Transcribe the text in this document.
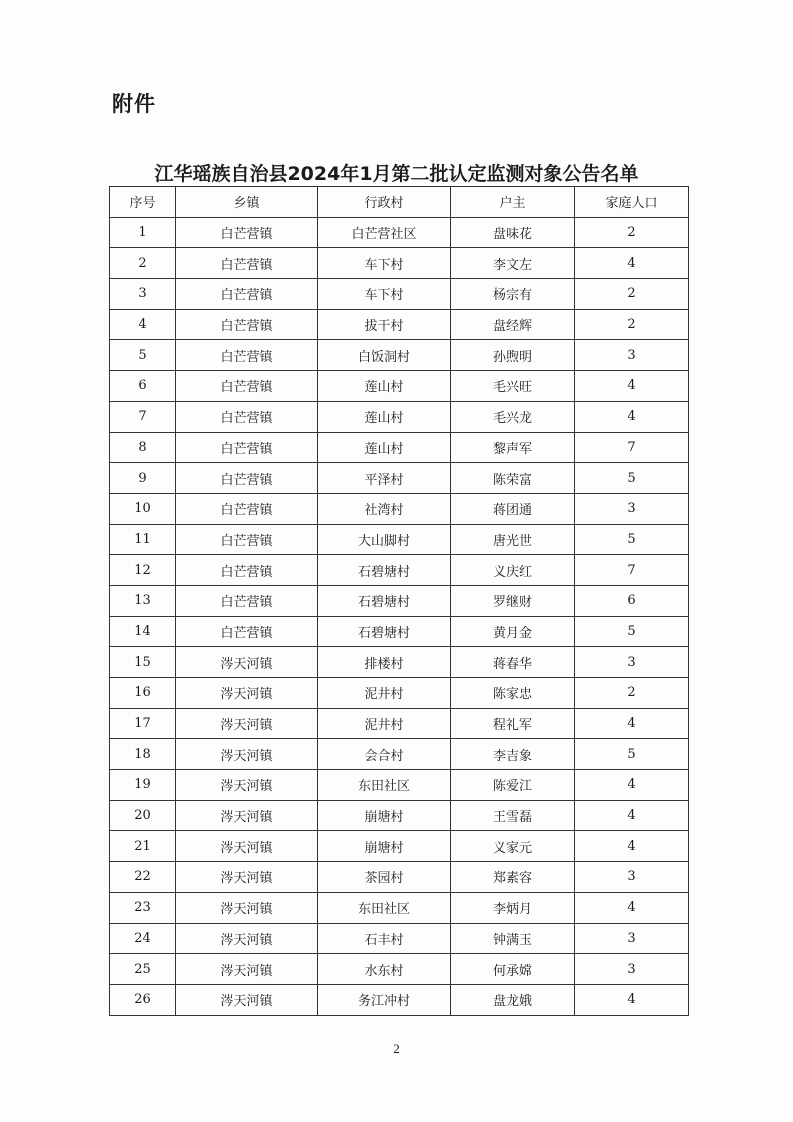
附件
江华瑶族自治县2024年1月第二批认定监测对象公告名单
序号	乡镇	行政村	户主	家庭人口
1	白芒营镇	白芒营社区	盘味花	2
2	白芒营镇	车下村	李文左	4
3	白芒营镇	车下村	杨宗有	2
4	白芒营镇	拔干村	盘经辉	2
5	白芒营镇	白饭洞村	孙煦明	3
6	白芒营镇	莲山村	毛兴旺	4
7	白芒营镇	莲山村	毛兴龙	4
8	白芒营镇	莲山村	黎声军	7
9	白芒营镇	平泽村	陈荣富	5
10	白芒营镇	社湾村	蒋团通	3
11	白芒营镇	大山脚村	唐光世	5
12	白芒营镇	石碧塘村	义庆红	7
13	白芒营镇	石碧塘村	罗继财	6
14	白芒营镇	石碧塘村	黄月金	5
15	涔天河镇	排楼村	蒋春华	3
16	涔天河镇	泥井村	陈家忠	2
17	涔天河镇	泥井村	程礼军	4
18	涔天河镇	会合村	李吉象	5
19	涔天河镇	东田社区	陈爱江	4
20	涔天河镇	崩塘村	王雪磊	4
21	涔天河镇	崩塘村	义家元	4
22	涔天河镇	茶园村	郑素容	3
23	涔天河镇	东田社区	李炳月	4
24	涔天河镇	石丰村	钟满玉	3
25	涔天河镇	水东村	何承嫦	3
26	涔天河镇	务江冲村	盘龙娥	4
2
